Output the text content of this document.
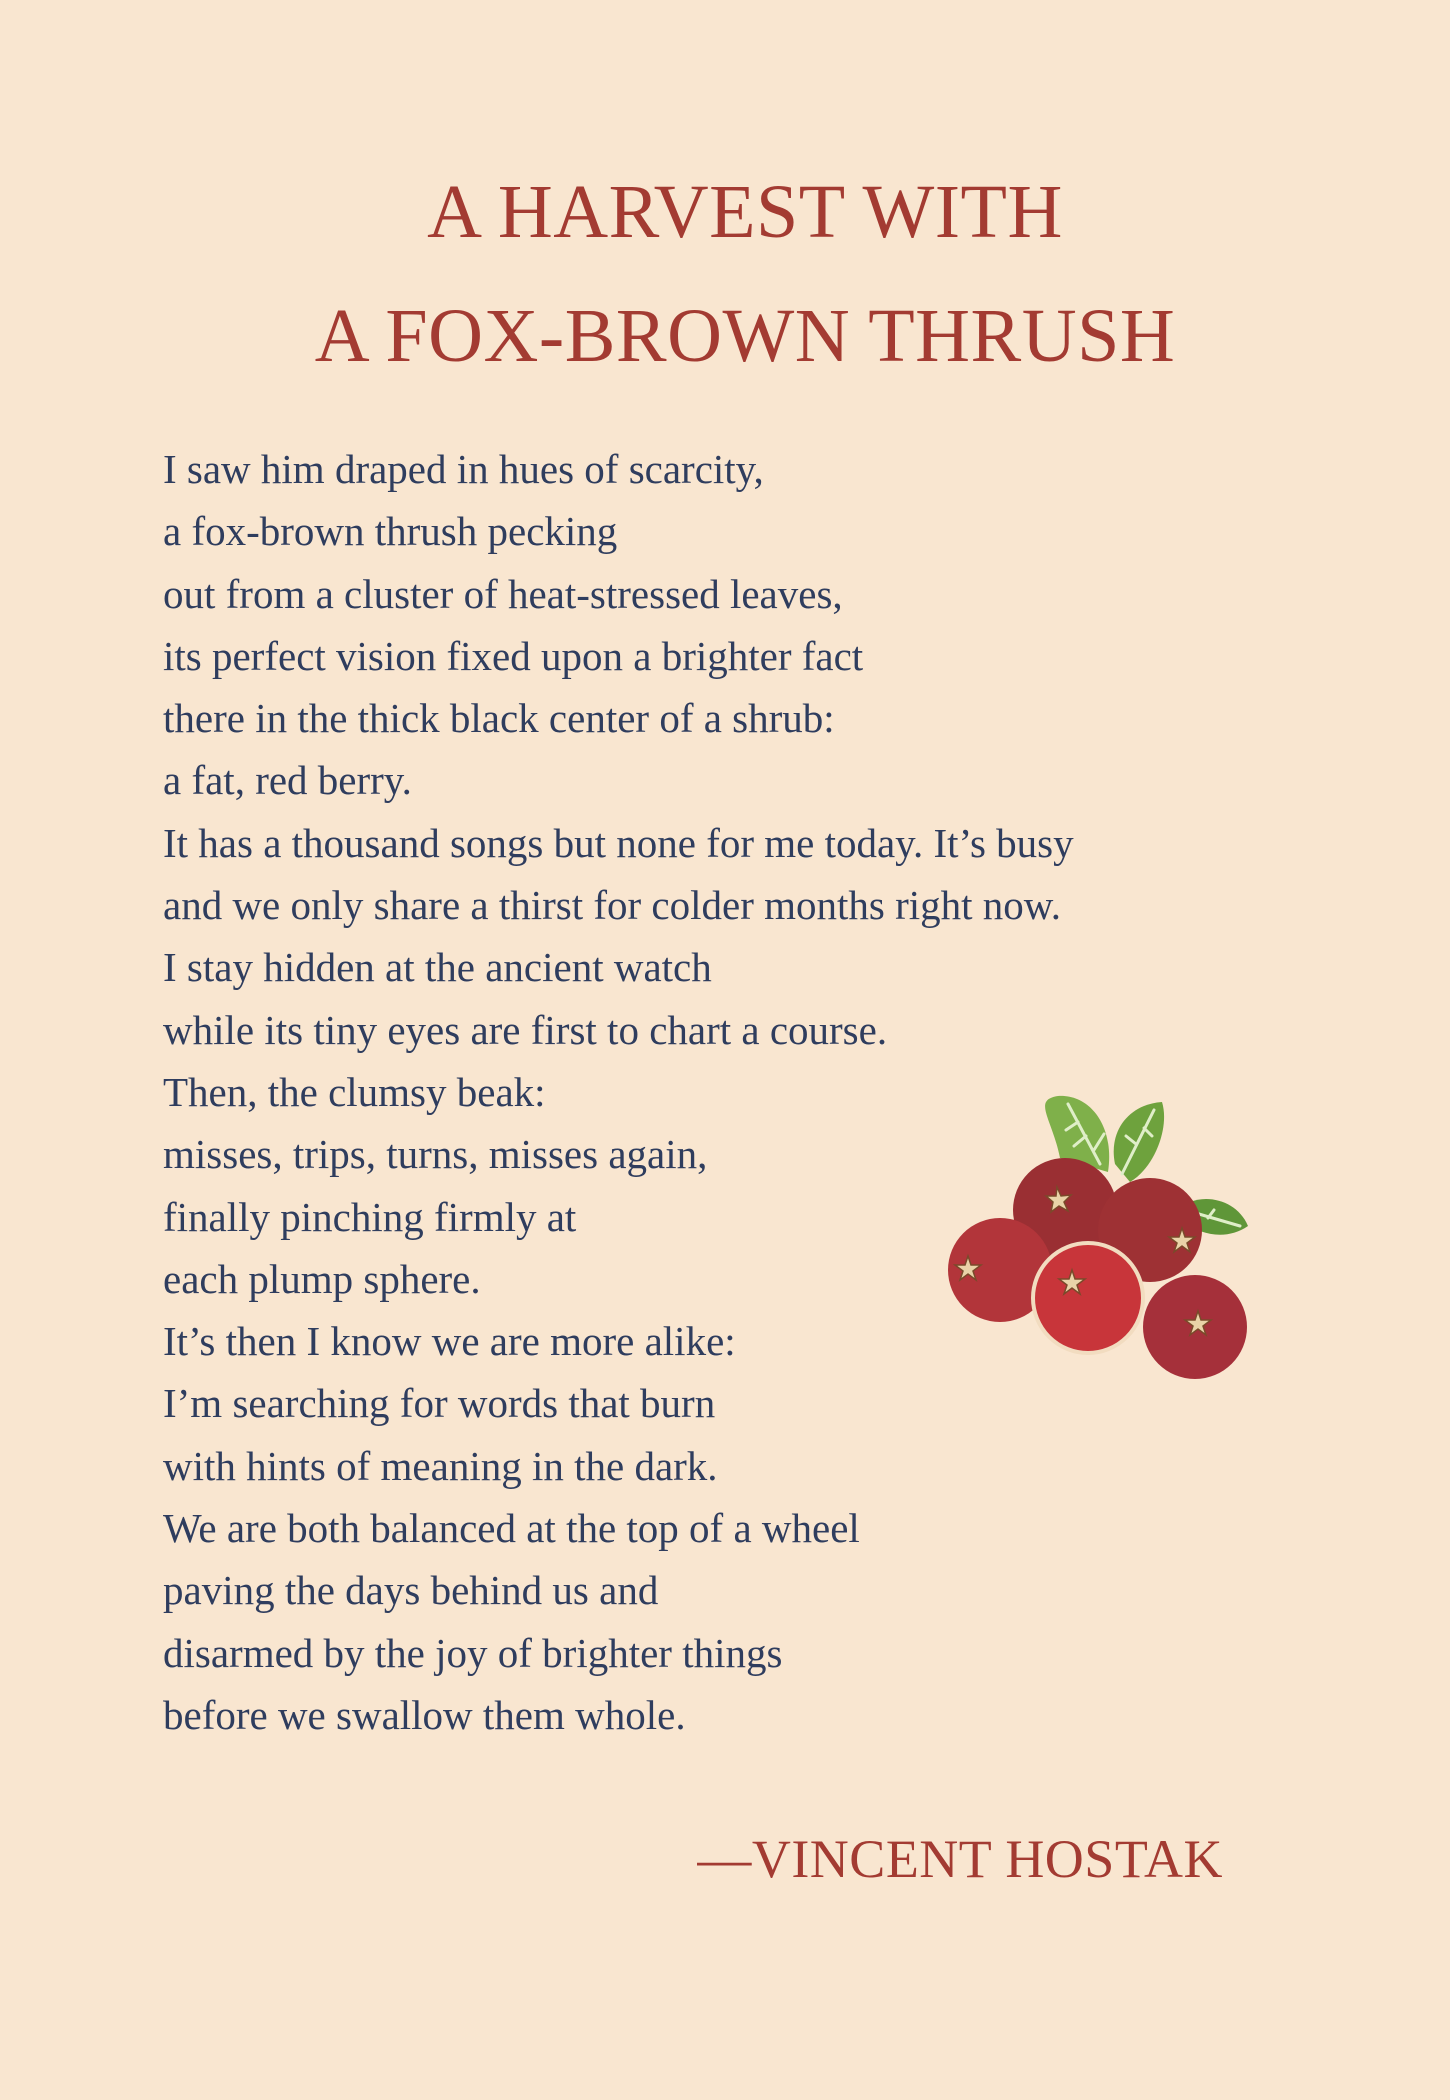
A HARVEST WITH
A FOX-BROWN THRUSH
I saw him draped in hues of scarcity,
a fox-brown thrush pecking
out from a cluster of heat-stressed leaves,
its perfect vision fixed upon a brighter fact
there in the thick black center of a shrub:
a fat, red berry.
It has a thousand songs but none for me today. It’s busy
and we only share a thirst for colder months right now.
I stay hidden at the ancient watch
while its tiny eyes are first to chart a course.
Then, the clumsy beak:
misses, trips, turns, misses again,
finally pinching firmly at
each plump sphere.
It’s then I know we are more alike:
I’m searching for words that burn
with hints of meaning in the dark.
We are both balanced at the top of a wheel
paving the days behind us and
disarmed by the joy of brighter things
before we swallow them whole.
—VINCENT HOSTAK
